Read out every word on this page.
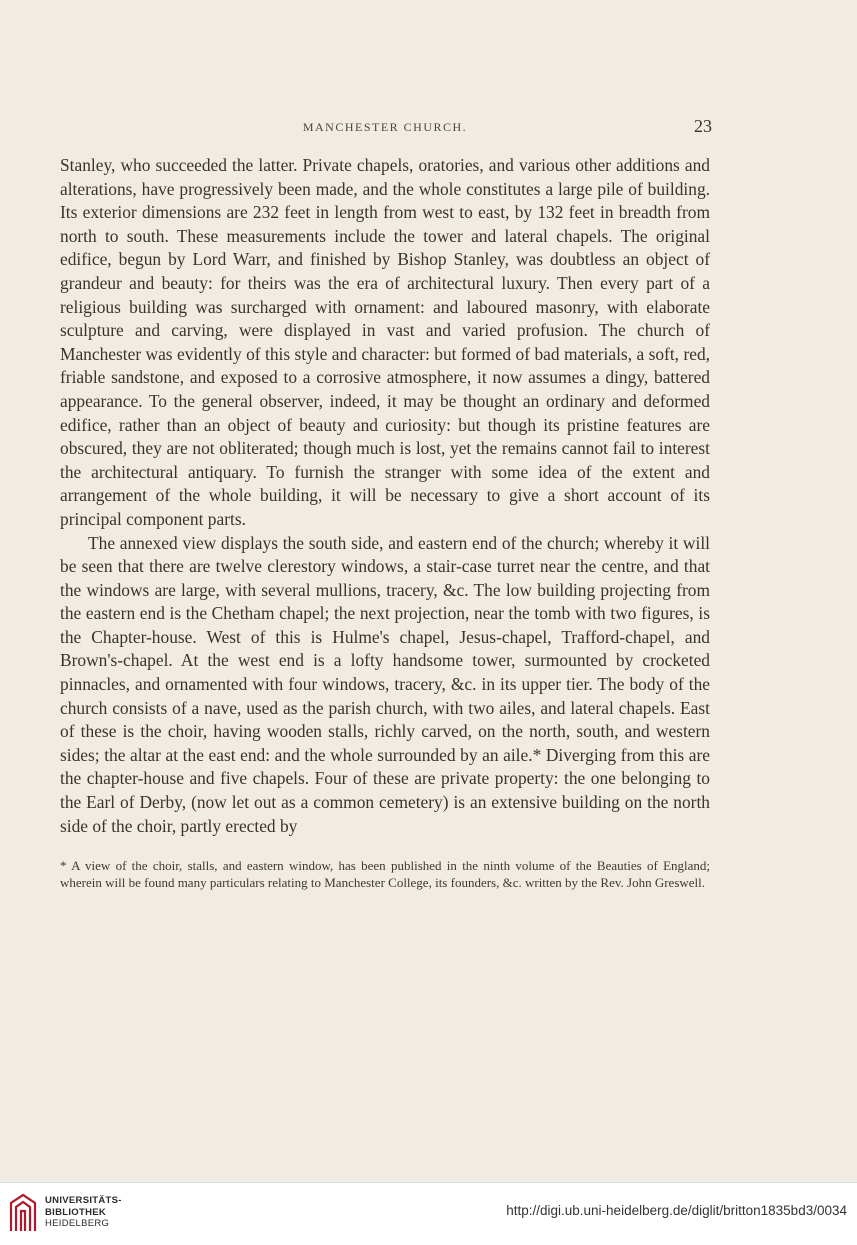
MANCHESTER CHURCH.	23

Stanley, who succeeded the latter. Private chapels, oratories, and various other additions and alterations, have progressively been made, and the whole constitutes a large pile of building. Its exterior dimensions are 232 feet in length from west to east, by 132 feet in breadth from north to south. These measurements include the tower and lateral chapels. The original edifice, begun by Lord Warr, and finished by Bishop Stanley, was doubtless an object of grandeur and beauty: for theirs was the era of architectural luxury. Then every part of a religious building was surcharged with ornament: and laboured masonry, with elaborate sculpture and carving, were displayed in vast and varied profusion. The church of Manchester was evidently of this style and character: but formed of bad materials, a soft, red, friable sandstone, and exposed to a corrosive atmosphere, it now assumes a dingy, battered appearance. To the general observer, indeed, it may be thought an ordinary and deformed edifice, rather than an object of beauty and curiosity: but though its pristine features are obscured, they are not obliterated; though much is lost, yet the remains cannot fail to interest the architectural antiquary. To furnish the stranger with some idea of the extent and arrangement of the whole building, it will be necessary to give a short account of its principal component parts.

The annexed view displays the south side, and eastern end of the church; whereby it will be seen that there are twelve clerestory windows, a stair-case turret near the centre, and that the windows are large, with several mullions, tracery, &c. The low building projecting from the eastern end is the Chetham chapel; the next projection, near the tomb with two figures, is the Chapter-house. West of this is Hulme's chapel, Jesus-chapel, Trafford-chapel, and Brown's-chapel. At the west end is a lofty handsome tower, surmounted by crocketed pinnacles, and ornamented with four windows, tracery, &c. in its upper tier. The body of the church consists of a nave, used as the parish church, with two ailes, and lateral chapels. East of these is the choir, having wooden stalls, richly carved, on the north, south, and western sides; the altar at the east end: and the whole surrounded by an aile.* Diverging from this are the chapter-house and five chapels. Four of these are private property: the one belonging to the Earl of Derby, (now let out as a common cemetery) is an extensive building on the north side of the choir, partly erected by

* A view of the choir, stalls, and eastern window, has been published in the ninth volume of the Beauties of England; wherein will be found many particulars relating to Manchester College, its founders, &c. written by the Rev. John Greswell.
UNIVERSITÄTS-
BIBLIOTHEK
HEIDELBERG
http://digi.ub.uni-heidelberg.de/diglit/britton1835bd3/0034
